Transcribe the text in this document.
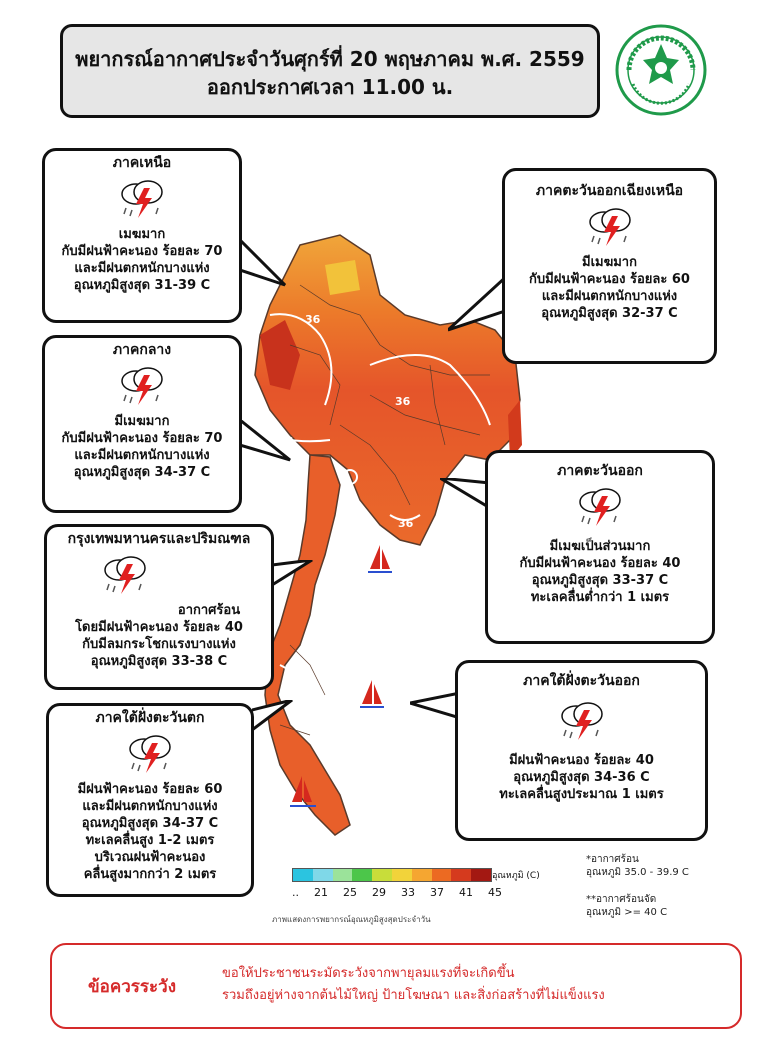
พยากรณ์อากาศประจำวันศุกร์ที่ 20 พฤษภาคม พ.ศ. 2559
ออกประกาศเวลา 11.00 น.
36
36
36
36
ภาคเหนือ
เมฆมาก
กับมีฝนฟ้าคะนอง ร้อยละ 70
และมีฝนตกหนักบางแห่ง
อุณหภูมิสูงสุด 31-39 C
ภาคกลาง
มีเมฆมาก
กับมีฝนฟ้าคะนอง ร้อยละ 70
และมีฝนตกหนักบางแห่ง
อุณหภูมิสูงสุด 34-37 C
กรุงเทพมหานครและปริมณฑล
อากาศร้อน
โดยมีฝนฟ้าคะนอง ร้อยละ 40
กับมีลมกระโชกแรงบางแห่ง
อุณหภูมิสูงสุด 33-38 C
ภาคใต้ฝั่งตะวันตก
มีฝนฟ้าคะนอง ร้อยละ 60
และมีฝนตกหนักบางแห่ง
อุณหภูมิสูงสุด 34-37 C
ทะเลคลื่นสูง 1-2 เมตร
บริเวณฝนฟ้าคะนอง
คลื่นสูงมากกว่า 2 เมตร
ภาคตะวันออกเฉียงเหนือ
มีเมฆมาก
กับมีฝนฟ้าคะนอง ร้อยละ 60
และมีฝนตกหนักบางแห่ง
อุณหภูมิสูงสุด 32-37 C
ภาคตะวันออก
มีเมฆเป็นส่วนมาก
กับมีฝนฟ้าคะนอง ร้อยละ 40
อุณหภูมิสูงสุด 33-37 C
ทะเลคลื่นต่ำกว่า 1 เมตร
ภาคใต้ฝั่งตะวันออก
มีฝนฟ้าคะนอง ร้อยละ 40
อุณหภูมิสูงสุด 34-36 C
ทะเลคลื่นสูงประมาณ 1 เมตร
อุณหภูมิ (C)
.. 21 25 29 33 37 41 45
ภาพแสดงการพยากรณ์อุณหภูมิสูงสุดประจำวัน
*อากาศร้อน
อุณหภูมิ 35.0 - 39.9 C
**อากาศร้อนจัด
อุณหภูมิ >= 40 C
ข้อควรระวัง
ขอให้ประชาชนระมัดระวังจากพายุลมแรงที่จะเกิดขึ้น
รวมถึงอยู่ห่างจากต้นไม้ใหญ่ ป้ายโฆษณา และสิ่งก่อสร้างที่ไม่แข็งแรง
